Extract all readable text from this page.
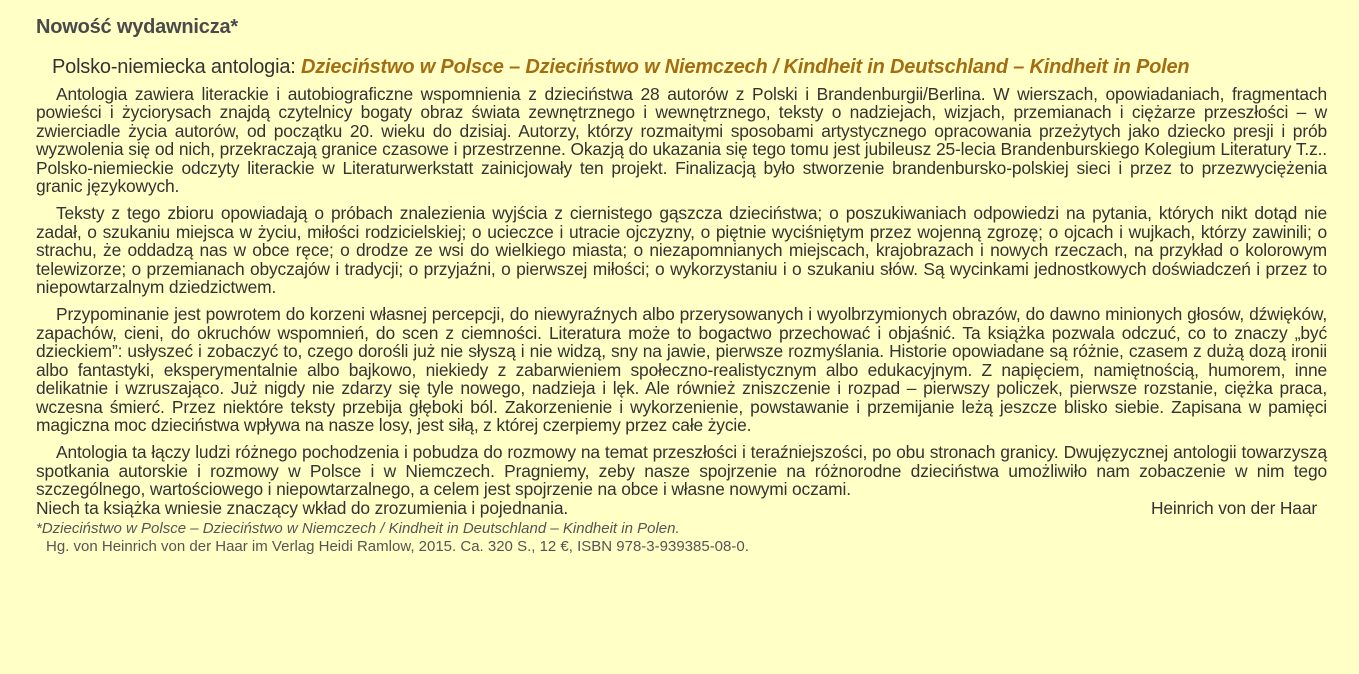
Nowość wydawnicza*
Polsko-niemiecka antologia: Dzieciństwo w Polsce – Dzieciństwo w Niemczech / Kindheit in Deutschland – Kindheit in Polen

Antologia zawiera literackie i autobiograficzne wspomnienia z dzieciństwa 28 autorów z Polski i Brandenburgii/Berlina. W wierszach, opowiadaniach, fragmentach powieści i życiorysach znajdą czytelnicy bogaty obraz świata zewnętrznego i wewnętrznego, teksty o nadziejach, wizjach, przemianach i ciężarze przeszłości – w zwierciadle życia autorów, od początku 20. wieku do dzisiaj. Autorzy, którzy rozmaitymi sposobami artystycznego opracowania przeżytych jako dziecko presji i prób wyzwolenia się od nich, przekraczają granice czasowe i przestrzenne. Okazją do ukazania się tego tomu jest jubileusz 25-lecia Brandenburskiego Kolegium Literatury T.z.. Polsko-niemieckie odczyty literackie w Literaturwerkstatt zainicjowały ten projekt. Finalizacją było stworzenie brandenbursko-polskiej sieci i przez to przezwyciężenia granic językowych.

Teksty z tego zbioru opowiadają o próbach znalezienia wyjścia z ciernistego gąszcza dzieciństwa; o poszukiwaniach odpowiedzi na pytania, których nikt dotąd nie zadał, o szukaniu miejsca w życiu, miłości rodzicielskiej; o ucieczce i utracie ojczyzny, o piętnie wyciśniętym przez wojenną zgrozę; o ojcach i wujkach, którzy zawinili; o strachu, że oddadzą nas w obce ręce; o drodze ze wsi do wielkiego miasta; o niezapomnianych miejscach, krajobrazach i nowych rzeczach, na przykład o kolorowym telewizorze; o przemianach obyczajów i tradycji; o przyjaźni, o pierwszej miłości; o wykorzystaniu i o szukaniu słów. Są wycinkami jednostkowych doświadczeń i przez to niepowtarzalnym dziedzictwem.

Przypominanie jest powrotem do korzeni własnej percepcji, do niewyraźnych albo przerysowanych i wyolbrzymionych obrazów, do dawno minionych głosów, dźwięków, zapachów, cieni, do okruchów wspomnień, do scen z ciemności. Literatura może to bogactwo przechować i objaśnić. Ta książka pozwala odczuć, co to znaczy „być dzieckiem”: usłyszeć i zobaczyć to, czego dorośli już nie słyszą i nie widzą, sny na jawie, pierwsze rozmyślania. Historie opowiadane są różnie, czasem z dużą dozą ironii albo fantastyki, eksperymentalnie albo bajkowo, niekiedy z zabarwieniem społeczno-realistycznym albo edukacyjnym. Z napięciem, namiętnością, humorem, inne delikatnie i wzruszająco. Już nigdy nie zdarzy się tyle nowego, nadzieja i lęk. Ale również zniszczenie i rozpad – pierwszy policzek, pierwsze rozstanie, ciężka praca, wczesna śmierć. Przez niektóre teksty przebija głęboki ból. Zakorzenienie i wykorzenienie, powstawanie i przemijanie leżą jeszcze blisko siebie. Zapisana w pamięci magiczna moc dzieciństwa wpływa na nasze losy, jest siłą, z której czerpiemy przez całe życie.

Antologia ta łączy ludzi różnego pochodzenia i pobudza do rozmowy na temat przeszłości i teraźniejszości, po obu stronach granicy. Dwujęzycznej antologii towarzyszą spotkania autorskie i rozmowy w Polsce i w Niemczech. Pragniemy, zeby nasze spojrzenie na różnorodne dzieciństwa umożliwiło nam zobaczenie w nim tego szczególnego, wartościowego i niepowtarzalnego, a celem jest spojrzenie na obce i własne nowymi oczami.

Niech ta książka wniesie znaczący wkład do zrozumienia i pojednania.	Heinrich von der Haar
*Dzieciństwo w Polsce – Dzieciństwo w Niemczech / Kindheit in Deutschland – Kindheit in Polen.
Hg. von Heinrich von der Haar im Verlag Heidi Ramlow, 2015. Ca. 320 S., 12 €, ISBN 978-3-939385-08-0.
